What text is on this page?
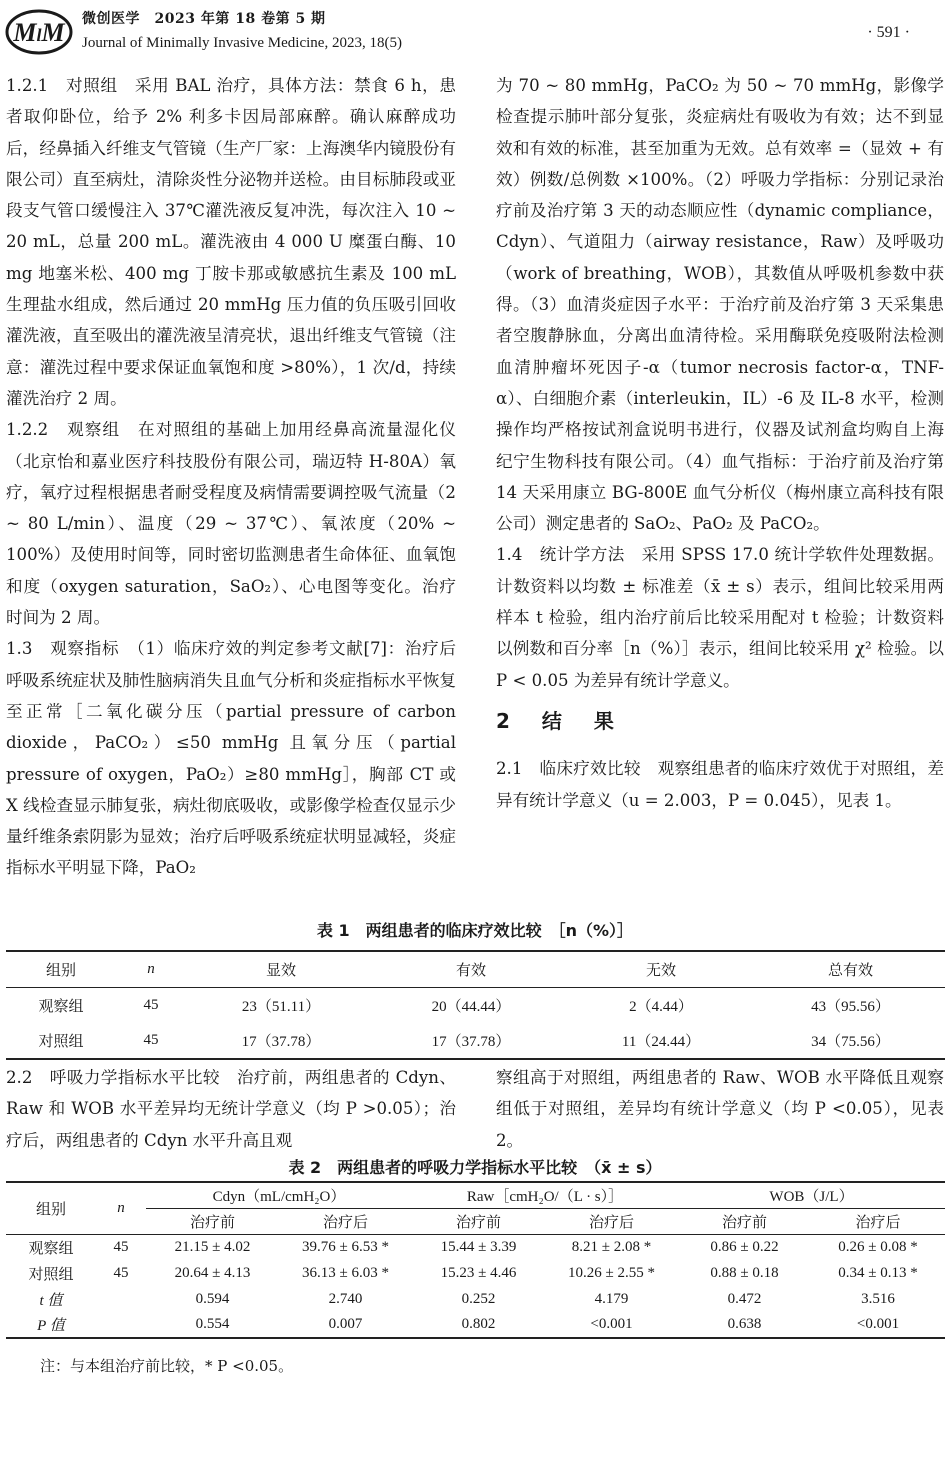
MlM 微创医学　2023 年第 18 卷第 5 期
Journal of Minimally Invasive Medicine, 2023, 18(5)
· 591 ·

1.2.1　对照组　采用 BAL 治疗，具体方法：禁食 6 h，患者取仰卧位，给予 2% 利多卡因局部麻醉。确认麻醉成功后，经鼻插入纤维支气管镜（生产厂家：上海澳华内镜股份有限公司）直至病灶，清除炎性分泌物并送检。由目标肺段或亚段支气管口缓慢注入 37℃灌洗液反复冲洗，每次注入 10 ~ 20 mL，总量 200 mL。灌洗液由 4 000 U 糜蛋白酶、10 mg 地塞米松、400 mg 丁胺卡那或敏感抗生素及 100 mL 生理盐水组成，然后通过 20 mmHg 压力值的负压吸引回收灌洗液，直至吸出的灌洗液呈清亮状，退出纤维支气管镜（注意：灌洗过程中要求保证血氧饱和度 >80%），1 次/d，持续灌洗治疗 2 周。

1.2.2　观察组　在对照组的基础上加用经鼻高流量湿化仪（北京怡和嘉业医疗科技股份有限公司，瑞迈特 H-80A）氧疗，氧疗过程根据患者耐受程度及病情需要调控吸气流量（2 ~ 80 L/min）、温度（29 ~ 37℃）、氧浓度（20% ~ 100%）及使用时间等，同时密切监测患者生命体征、血氧饱和度（oxygen saturation，SaO₂）、心电图等变化。治疗时间为 2 周。

1.3　观察指标　（1）临床疗效的判定参考文献[7]：治疗后呼吸系统症状及肺性脑病消失且血气分析和炎症指标水平恢复至正常［二氧化碳分压（partial pressure of carbon dioxide，PaCO₂）≤50 mmHg 且氧分压（partial pressure of oxygen，PaO₂）≥80 mmHg］，胸部 CT 或 X 线检查显示肺复张，病灶彻底吸收，或影像学检查仅显示少量纤维条索阴影为显效；治疗后呼吸系统症状明显减轻，炎症指标水平明显下降，PaO₂

为 70 ~ 80 mmHg，PaCO₂ 为 50 ~ 70 mmHg，影像学检查提示肺叶部分复张，炎症病灶有吸收为有效；达不到显效和有效的标准，甚至加重为无效。总有效率 =（显效 + 有效）例数/总例数 ×100%。（2）呼吸力学指标：分别记录治疗前及治疗第 3 天的动态顺应性（dynamic compliance，Cdyn）、气道阻力（airway resistance，Raw）及呼吸功（work of breathing，WOB），其数值从呼吸机参数中获得。（3）血清炎症因子水平：于治疗前及治疗第 3 天采集患者空腹静脉血，分离出血清待检。采用酶联免疫吸附法检测血清肿瘤坏死因子-α（tumor necrosis factor-α，TNF-α）、白细胞介素（interleukin，IL）-6 及 IL-8 水平，检测操作均严格按试剂盒说明书进行，仪器及试剂盒均购自上海纪宁生物科技有限公司。（4）血气指标：于治疗前及治疗第 14 天采用康立 BG-800E 血气分析仪（梅州康立高科技有限公司）测定患者的 SaO₂、PaO₂ 及 PaCO₂。

1.4　统计学方法　采用 SPSS 17.0 统计学软件处理数据。计数资料以均数 ± 标准差（x̄ ± s）表示，组间比较采用两样本 t 检验，组内治疗前后比较采用配对 t 检验；计数资料以例数和百分率［n（%）］表示，组间比较采用 χ² 检验。以 P < 0.05 为差异有统计学意义。

2　结　果

2.1　临床疗效比较　观察组患者的临床疗效优于对照组，差异有统计学意义（u = 2.003，P = 0.045），见表 1。

表 1　两组患者的临床疗效比较　［n（%）］
组别	n	显效	有效	无效	总有效
观察组	45	23（51.11）	20（44.44）	2（4.44）	43（95.56）
对照组	45	17（37.78）	17（37.78）	11（24.44）	34（75.56）

2.2　呼吸力学指标水平比较　治疗前，两组患者的 Cdyn、Raw 和 WOB 水平差异均无统计学意义（均 P >0.05）；治疗后，两组患者的 Cdyn 水平升高且观

察组高于对照组，两组患者的 Raw、WOB 水平降低且观察组低于对照组，差异均有统计学意义（均 P <0.05），见表 2。

表 2　两组患者的呼吸力学指标水平比较　（x̄ ± s）
组别	n	Cdyn（mL/cmH₂O）		Raw［cmH₂O/（L · s）］		WOB（J/L）	
		治疗前	治疗后	治疗前	治疗后	治疗前	治疗后
观察组	45	21.15 ± 4.02	39.76 ± 6.53 *	15.44 ± 3.39	8.21 ± 2.08 *	0.86 ± 0.22	0.26 ± 0.08 *
对照组	45	20.64 ± 4.13	36.13 ± 6.03 *	15.23 ± 4.46	10.26 ± 2.55 *	0.88 ± 0.18	0.34 ± 0.13 *
t 值		0.594	2.740	0.252	4.179	0.472	3.516
P 值		0.554	0.007	0.802	<0.001	0.638	<0.001
注：与本组治疗前比较，* P <0.05。
